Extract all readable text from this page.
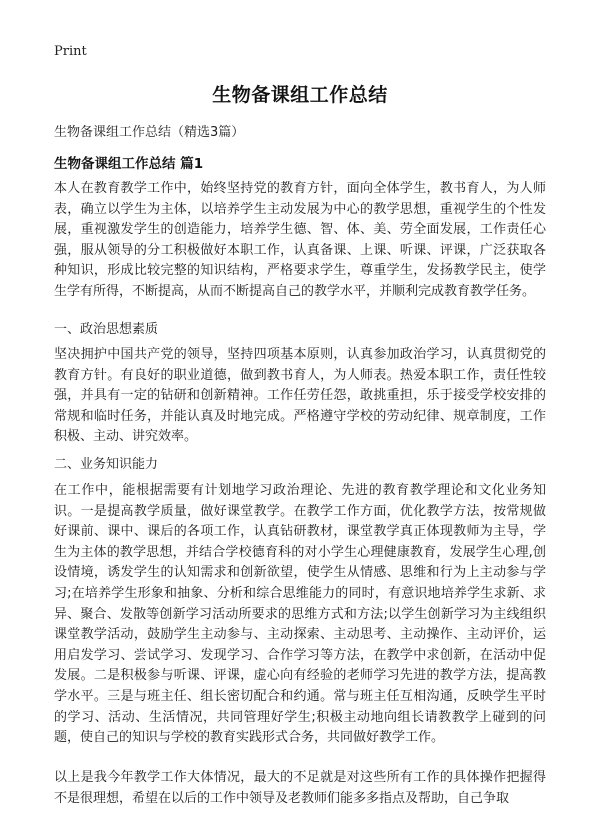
Print

生物备课组工作总结

生物备课组工作总结（精选3篇）

生物备课组工作总结 篇1

本人在教育教学工作中，始终坚持党的教育方针，面向全体学生，教书育人，为人师表，确立以学生为主体，以培养学生主动发展为中心的教学思想，重视学生的个性发展，重视激发学生的创造能力，培养学生德、智、体、美、劳全面发展，工作责任心强，服从领导的分工积极做好本职工作，认真备课、上课、听课、评课，广泛获取各种知识，形成比较完整的知识结构，严格要求学生，尊重学生，发扬教学民主，使学生学有所得，不断提高，从而不断提高自己的教学水平，并顺利完成教育教学任务。

一、政治思想素质

坚决拥护中国共产党的领导，坚持四项基本原则，认真参加政治学习，认真贯彻党的教育方针。有良好的职业道德，做到教书育人，为人师表。热爱本职工作，责任性较强，并具有一定的钻研和创新精神。工作任劳任怨，敢挑重担，乐于接受学校安排的常规和临时任务，并能认真及时地完成。严格遵守学校的劳动纪律、规章制度，工作积极、主动、讲究效率。

二、业务知识能力

在工作中，能根据需要有计划地学习政治理论、先进的教育教学理论和文化业务知识。一是提高教学质量，做好课堂教学。在教学工作方面，优化教学方法，按常规做好课前、课中、课后的各项工作，认真钻研教材，课堂教学真正体现教师为主导，学生为主体的教学思想，并结合学校德育科的对小学生心理健康教育，发展学生心理,创设情境，诱发学生的认知需求和创新欲望，使学生从情感、思维和行为上主动参与学习;在培养学生形象和抽象、分析和综合思维能力的同时，有意识地培养学生求新、求异、聚合、发散等创新学习活动所要求的思维方式和方法;以学生创新学习为主线组织课堂教学活动，鼓励学生主动参与、主动探索、主动思考、主动操作、主动评价，运用启发学习、尝试学习、发现学习、合作学习等方法，在教学中求创新，在活动中促发展。二是积极参与听课、评课，虚心向有经验的老师学习先进的教学方法，提高教学水平。三是与班主任、组长密切配合和约通。常与班主任互相沟通，反映学生平时的学习、活动、生活情况，共同管理好学生;积极主动地向组长请教教学上碰到的问题，使自己的知识与学校的教育实践形式合务，共同做好教学工作。

以上是我今年教学工作大体情况，最大的不足就是对这些所有工作的具体操作把握得不是很理想，希望在以后的工作中领导及老教师们能多多指点及帮助，自己争取
